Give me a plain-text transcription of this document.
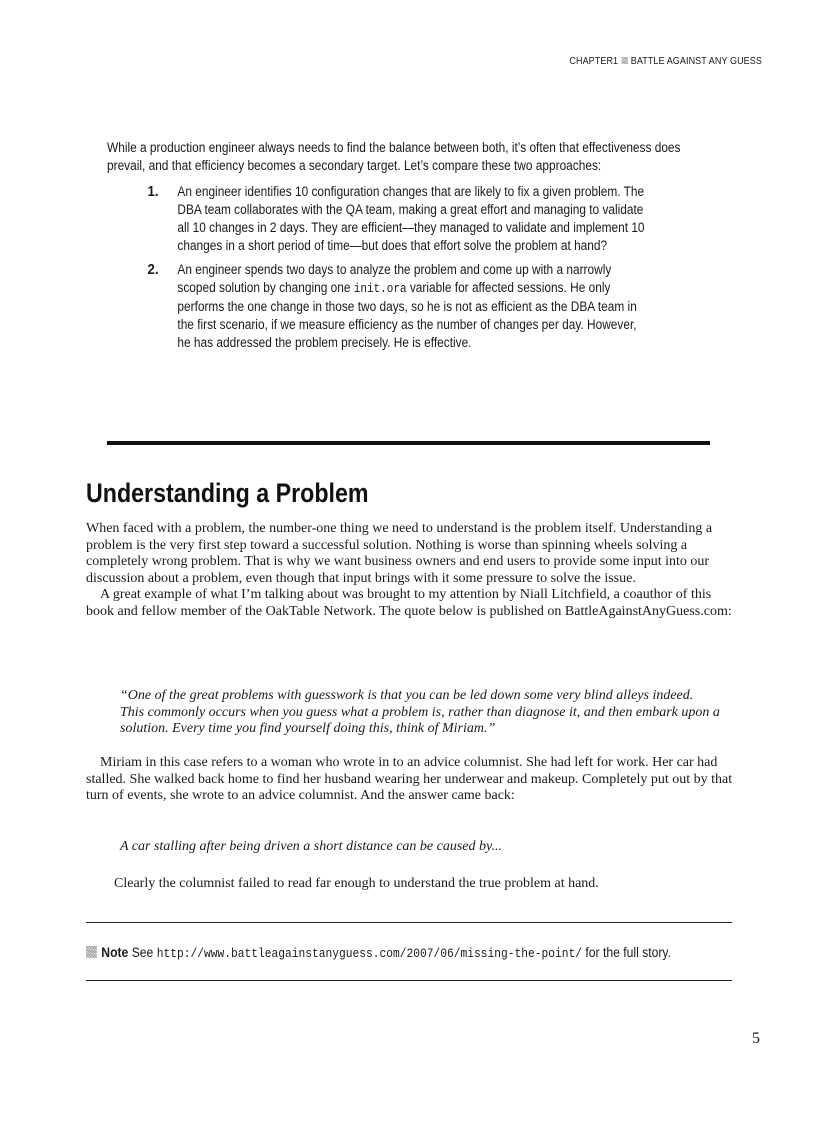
CHAPTER1 BATTLE AGAINST ANY GUESS

While a production engineer always needs to find the balance between both, it’s often that effectiveness does prevail, and that efficiency becomes a secondary target. Let’s compare these two approaches:

1. An engineer identifies 10 configuration changes that are likely to fix a given problem. The DBA team collaborates with the QA team, making a great effort and managing to validate all 10 changes in 2 days. They are efficient—they managed to validate and implement 10 changes in a short period of time—but does that effort solve the problem at hand?
2. An engineer spends two days to analyze the problem and come up with a narrowly scoped solution by changing one init.ora variable for affected sessions. He only performs the one change in those two days, so he is not as efficient as the DBA team in the first scenario, if we measure efficiency as the number of changes per day. However, he has addressed the problem precisely. He is effective.
Understanding a Problem

When faced with a problem, the number-one thing we need to understand is the problem itself. Understanding a problem is the very first step toward a successful solution. Nothing is worse than spinning wheels solving a completely wrong problem. That is why we want business owners and end users to provide some input into our discussion about a problem, even though that input brings with it some pressure to solve the issue.

A great example of what I’m talking about was brought to my attention by Niall Litchfield, a coauthor of this book and fellow member of the OakTable Network. The quote below is published on BattleAgainstAnyGuess.com:

“One of the great problems with guesswork is that you can be led down some very blind alleys indeed. This commonly occurs when you guess what a problem is, rather than diagnose it, and then embark upon a solution. Every time you find yourself doing this, think of Miriam.”

Miriam in this case refers to a woman who wrote in to an advice columnist. She had left for work. Her car had stalled. She walked back home to find her husband wearing her underwear and makeup. Completely put out by that turn of events, she wrote to an advice columnist. And the answer came back:

A car stalling after being driven a short distance can be caused by...

Clearly the columnist failed to read far enough to understand the true problem at hand.

Note See http://www.battleagainstanyguess.com/2007/06/missing-the-point/ for the full story.
5
